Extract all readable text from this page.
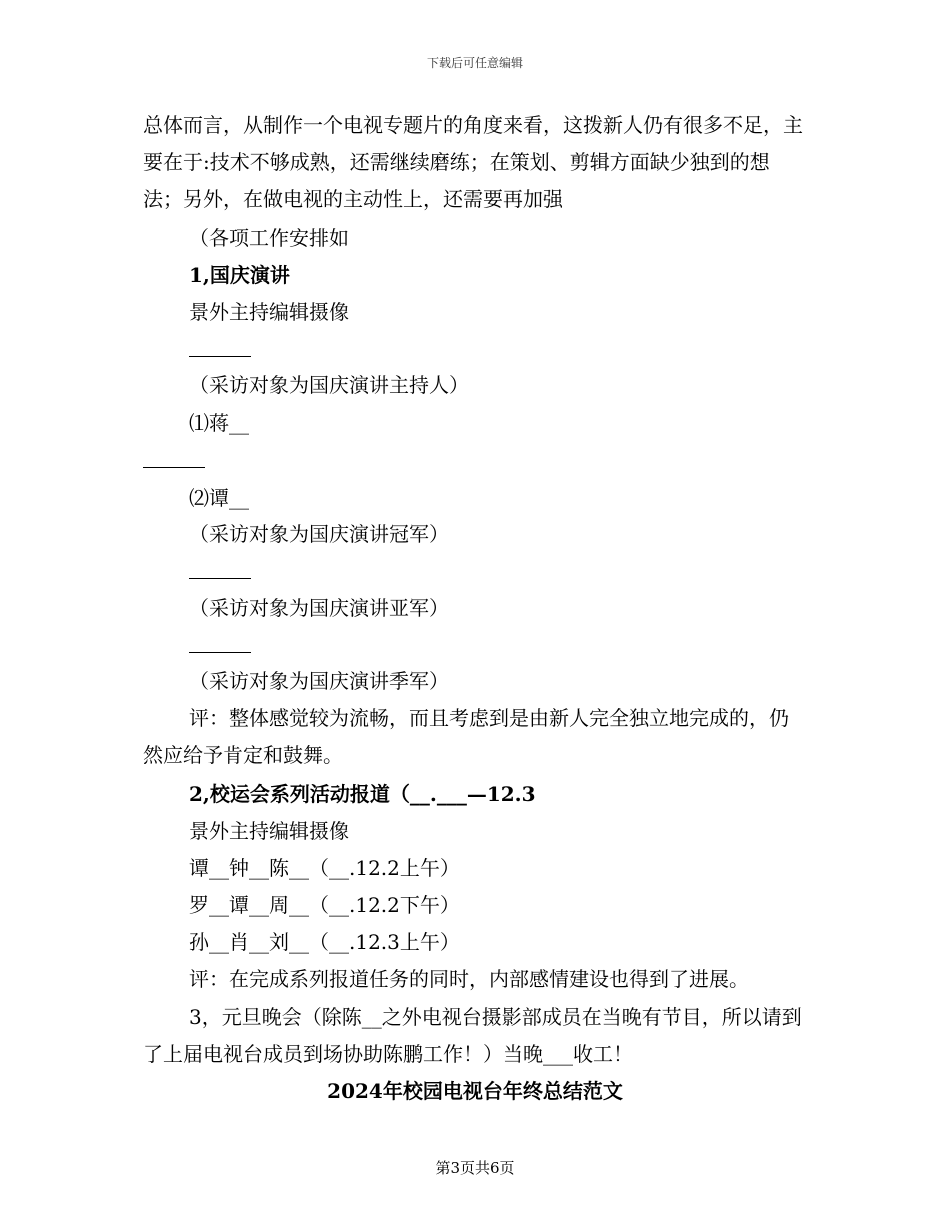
下载后可任意编辑
总体而言，从制作一个电视专题片的角度来看，这拨新人仍有很多不足，主要在于:技术不够成熟，还需继续磨练；在策划、剪辑方面缺少独到的想法；另外，在做电视的主动性上，还需要再加强
（各项工作安排如
1,国庆演讲
景外主持编辑摄像
（采访对象为国庆演讲主持人）
⑴蒋__
⑵谭__
（采访对象为国庆演讲冠军）
（采访对象为国庆演讲亚军）
（采访对象为国庆演讲季军）
评：整体感觉较为流畅，而且考虑到是由新人完全独立地完成的，仍然应给予肯定和鼓舞。
2,校运会系列活动报道（__.___—12.3
景外主持编辑摄像
谭__钟__陈__（__.12.2上午）
罗__谭__周__（__.12.2下午）
孙__肖__刘__（__.12.3上午）
评：在完成系列报道任务的同时，内部感情建设也得到了进展。
3，元旦晚会（除陈__之外电视台摄影部成员在当晚有节目，所以请到了上届电视台成员到场协助陈鹏工作！）当晚___收工！
2024年校园电视台年终总结范文
第3页共6页
